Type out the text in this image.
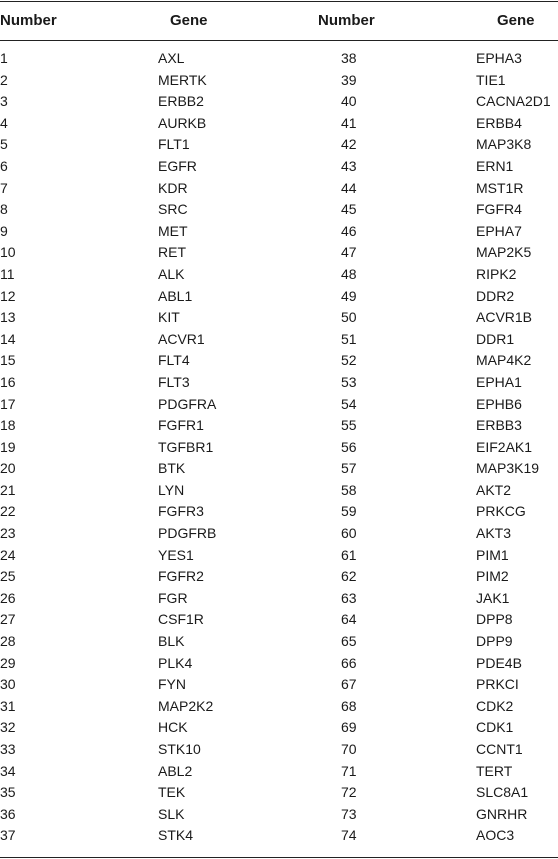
Number	Gene	Number	Gene
1	AXL	38	EPHA3
2	MERTK	39	TIE1
3	ERBB2	40	CACNA2D1
4	AURKB	41	ERBB4
5	FLT1	42	MAP3K8
6	EGFR	43	ERN1
7	KDR	44	MST1R
8	SRC	45	FGFR4
9	MET	46	EPHA7
10	RET	47	MAP2K5
11	ALK	48	RIPK2
12	ABL1	49	DDR2
13	KIT	50	ACVR1B
14	ACVR1	51	DDR1
15	FLT4	52	MAP4K2
16	FLT3	53	EPHA1
17	PDGFRA	54	EPHB6
18	FGFR1	55	ERBB3
19	TGFBR1	56	EIF2AK1
20	BTK	57	MAP3K19
21	LYN	58	AKT2
22	FGFR3	59	PRKCG
23	PDGFRB	60	AKT3
24	YES1	61	PIM1
25	FGFR2	62	PIM2
26	FGR	63	JAK1
27	CSF1R	64	DPP8
28	BLK	65	DPP9
29	PLK4	66	PDE4B
30	FYN	67	PRKCI
31	MAP2K2	68	CDK2
32	HCK	69	CDK1
33	STK10	70	CCNT1
34	ABL2	71	TERT
35	TEK	72	SLC8A1
36	SLK	73	GNRHR
37	STK4	74	AOC3
